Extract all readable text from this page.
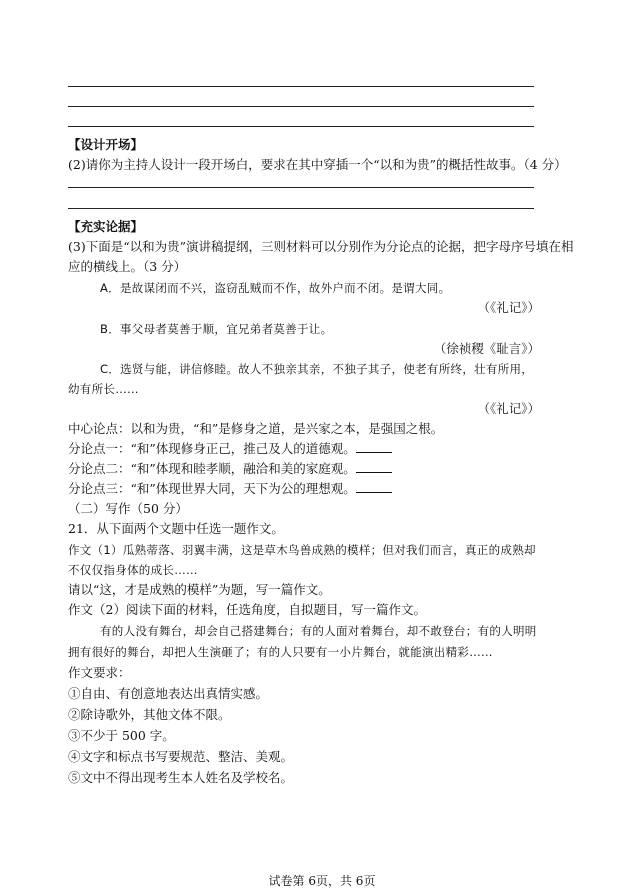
【设计开场】
(2)请你为主持人设计一段开场白，要求在其中穿插一个“以和为贵”的概括性故事。（4 分）
【充实论据】
(3)下面是“以和为贵”演讲稿提纲，三则材料可以分别作为分论点的论据，把字母序号填在相
应的横线上。（3 分）
A．是故谋闭而不兴，盗窃乱贼而不作，故外户而不闭。是谓大同。
（《礼记》）
B．事父母者莫善于顺，宜兄弟者莫善于让。
（徐祯稷《耻言》）
C．选贤与能，讲信修睦。故人不独亲其亲，不独子其子，使老有所终，壮有所用，
幼有所长……
（《礼记》）
中心论点：以和为贵，“和”是修身之道，是兴家之本，是强国之根。
分论点一：“和”体现修身正己，推己及人的道德观。
分论点二：“和”体现和睦孝顺，融洽和美的家庭观。
分论点三：“和”体现世界大同，天下为公的理想观。
（二）写作（50 分）
21．从下面两个文题中任选一题作文。
作文（1）瓜熟蒂落、羽翼丰满，这是草木鸟兽成熟的模样；但对我们而言，真正的成熟却
不仅仅指身体的成长……
请以“这，才是成熟的模样”为题，写一篇作文。
作文（2）阅读下面的材料，任选角度，自拟题目，写一篇作文。
有的人没有舞台，却会自己搭建舞台；有的人面对着舞台，却不敢登台；有的人明明
拥有很好的舞台，却把人生演砸了；有的人只要有一小片舞台，就能演出精彩……
作文要求：
①自由、有创意地表达出真情实感。
②除诗歌外，其他文体不限。
③不少于 500 字。
④文字和标点书写要规范、整洁、美观。
⑤文中不得出现考生本人姓名及学校名。
试卷第 6页，共 6页
